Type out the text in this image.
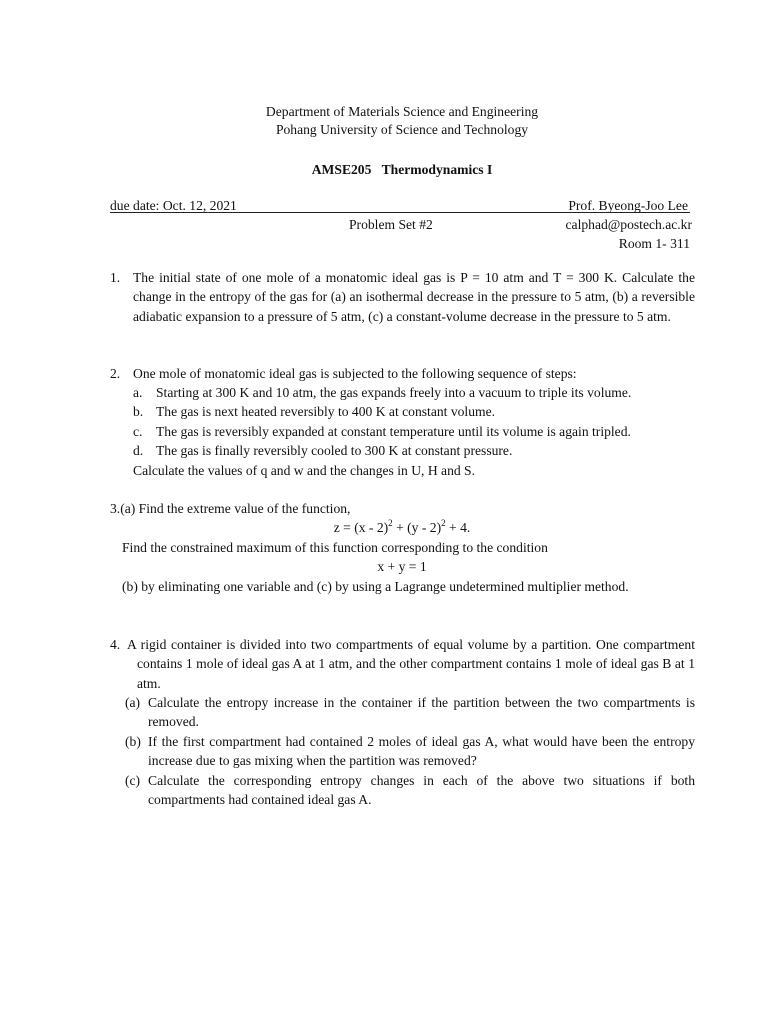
Department of Materials Science and Engineering
Pohang University of Science and Technology
AMSE205 Thermodynamics I
due date: Oct. 12, 2021	Prof. Byeong-Joo Lee
Problem Set #2	calphad@postech.ac.kr
Room 1- 311
1. The initial state of one mole of a monatomic ideal gas is P = 10 atm and T = 300 K. Calculate the change in the entropy of the gas for (a) an isothermal decrease in the pressure to 5 atm, (b) a reversible adiabatic expansion to a pressure of 5 atm, (c) a constant-volume decrease in the pressure to 5 atm.
2. One mole of monatomic ideal gas is subjected to the following sequence of steps:
a. Starting at 300 K and 10 atm, the gas expands freely into a vacuum to triple its volume.
b. The gas is next heated reversibly to 400 K at constant volume.
c. The gas is reversibly expanded at constant temperature until its volume is again tripled.
d. The gas is finally reversibly cooled to 300 K at constant pressure.
Calculate the values of q and w and the changes in U, H and S.
3.(a) Find the extreme value of the function,
z = (x - 2)$^2$ + (y - 2)$^2$ + 4.
Find the constrained maximum of this function corresponding to the condition
x + y = 1
(b) by eliminating one variable and (c) by using a Lagrange undetermined multiplier method.
4. A rigid container is divided into two compartments of equal volume by a partition. One compartment contains 1 mole of ideal gas A at 1 atm, and the other compartment contains 1 mole of ideal gas B at 1 atm.
(a) Calculate the entropy increase in the container if the partition between the two compartments is removed.
(b) If the first compartment had contained 2 moles of ideal gas A, what would have been the entropy increase due to gas mixing when the partition was removed?
(c) Calculate the corresponding entropy changes in each of the above two situations if both compartments had contained ideal gas A.
